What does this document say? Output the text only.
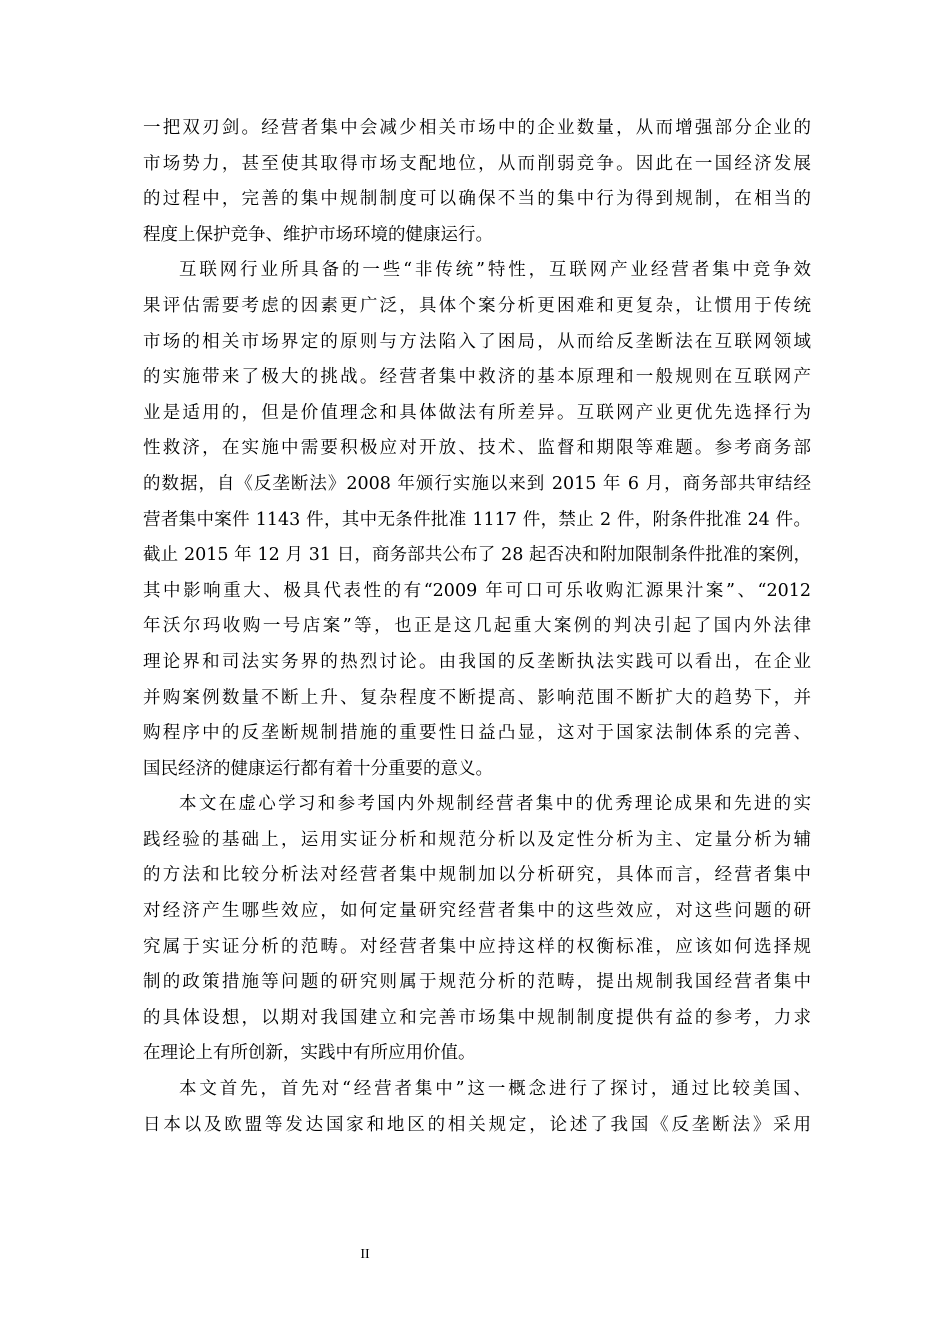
一把双刃剑。经营者集中会减少相关市场中的企业数量，从而增强部分企业的
市场势力，甚至使其取得市场支配地位，从而削弱竞争。因此在一国经济发展
的过程中，完善的集中规制制度可以确保不当的集中行为得到规制，在相当的
程度上保护竞争、维护市场环境的健康运行。
互联网行业所具备的一些“非传统”特性，互联网产业经营者集中竞争效
果评估需要考虑的因素更广泛，具体个案分析更困难和更复杂，让惯用于传统
市场的相关市场界定的原则与方法陷入了困局，从而给反垄断法在互联网领域
的实施带来了极大的挑战。经营者集中救济的基本原理和一般规则在互联网产
业是适用的，但是价值理念和具体做法有所差异。互联网产业更优先选择行为
性救济，在实施中需要积极应对开放、技术、监督和期限等难题。参考商务部
的数据，自《反垄断法》2008 年颁行实施以来到 2015 年 6 月，商务部共审结经
营者集中案件 1143 件，其中无条件批准 1117 件，禁止 2 件，附条件批准 24 件。
截止 2015 年 12 月 31 日，商务部共公布了 28 起否决和附加限制条件批准的案例，
其中影响重大、极具代表性的有“2009 年可口可乐收购汇源果汁案”、“2012
年沃尔玛收购一号店案”等，也正是这几起重大案例的判决引起了国内外法律
理论界和司法实务界的热烈讨论。由我国的反垄断执法实践可以看出，在企业
并购案例数量不断上升、复杂程度不断提高、影响范围不断扩大的趋势下，并
购程序中的反垄断规制措施的重要性日益凸显，这对于国家法制体系的完善、
国民经济的健康运行都有着十分重要的意义。
本文在虚心学习和参考国内外规制经营者集中的优秀理论成果和先进的实
践经验的基础上，运用实证分析和规范分析以及定性分析为主、定量分析为辅
的方法和比较分析法对经营者集中规制加以分析研究，具体而言，经营者集中
对经济产生哪些效应，如何定量研究经营者集中的这些效应，对这些问题的研
究属于实证分析的范畴。对经营者集中应持这样的权衡标准，应该如何选择规
制的政策措施等问题的研究则属于规范分析的范畴，提出规制我国经营者集中
的具体设想，以期对我国建立和完善市场集中规制制度提供有益的参考，力求
在理论上有所创新，实践中有所应用价值。
本文首先，首先对“经营者集中”这一概念进行了探讨，通过比较美国、
日本以及欧盟等发达国家和地区的相关规定，论述了我国《反垄断法》采用
II
